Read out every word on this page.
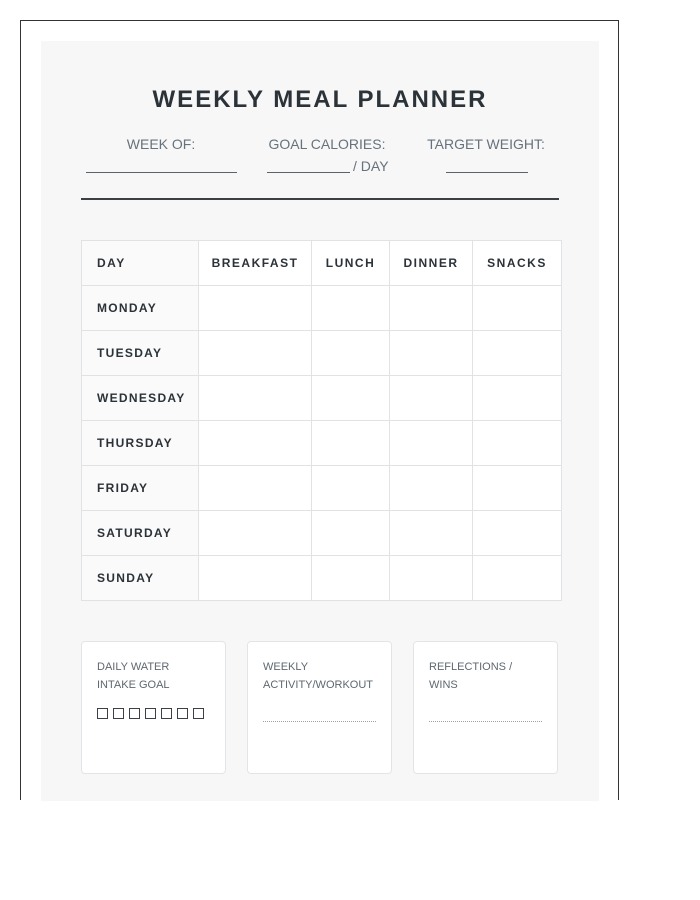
WEEKLY MEAL PLANNER
WEEK OF:	GOAL CALORIES:
/ DAY
TARGET WEIGHT:
DAY	BREAKFAST	LUNCH	DINNER	SNACKS
MONDAY				
TUESDAY				
WEDNESDAY				
THURSDAY				
FRIDAY				
SATURDAY				
SUNDAY				

DAILY WATER
INTAKE GOAL

WEEKLY
ACTIVITY/WORKOUT

REFLECTIONS /
WINS
